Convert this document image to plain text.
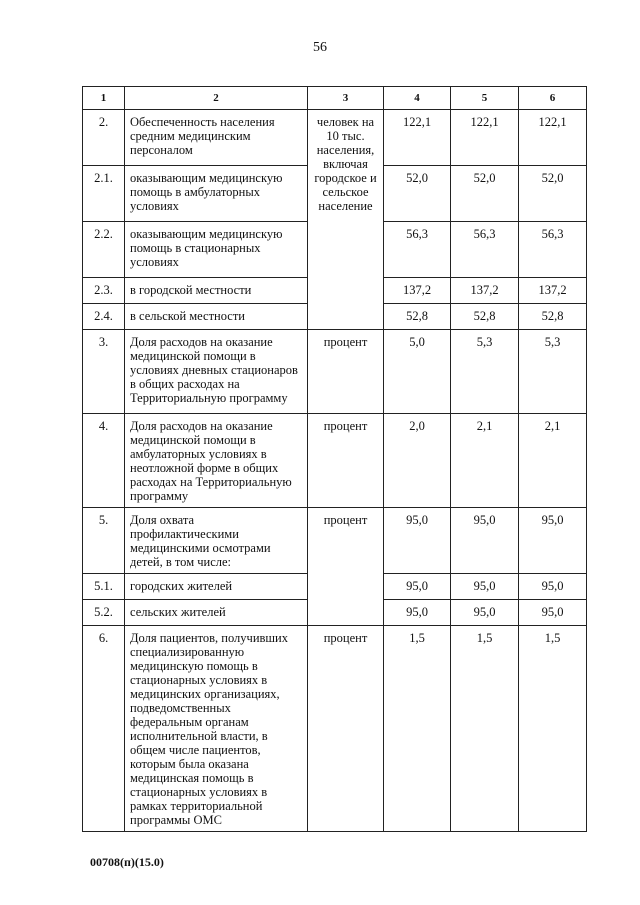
56
1	2	3	4	5	6
2.	Обеспеченность населения средним медицинским персоналом	человек на 10 тыс. населения, включая городское и сельское население	122,1	122,1	122,1
2.1.	оказывающим медицинскую помощь в амбулаторных условиях		52,0	52,0	52,0
2.2.	оказывающим медицинскую помощь в стационарных условиях		56,3	56,3	56,3
2.3.	в городской местности		137,2	137,2	137,2
2.4.	в сельской местности		52,8	52,8	52,8
3.	Доля расходов на оказание медицинской помощи в условиях дневных стационаров в общих расходах на Территориальную программу	процент	5,0	5,3	5,3
4.	Доля расходов на оказание медицинской помощи в амбулаторных условиях в неотложной форме в общих расходах на Территориальную программу	процент	2,0	2,1	2,1
5.	Доля охвата профилактическими медицинскими осмотрами детей, в том числе:	процент	95,0	95,0	95,0
5.1.	городских жителей		95,0	95,0	95,0
5.2.	сельских жителей		95,0	95,0	95,0
6.	Доля пациентов, получивших специализированную медицинскую помощь в стационарных условиях в медицинских организациях, подведомственных федеральным органам исполнительной власти, в общем числе пациентов, которым была оказана медицинская помощь в стационарных условиях в рамках территориальной программы ОМС	процент	1,5	1,5	1,5
00708(п)(15.0)
